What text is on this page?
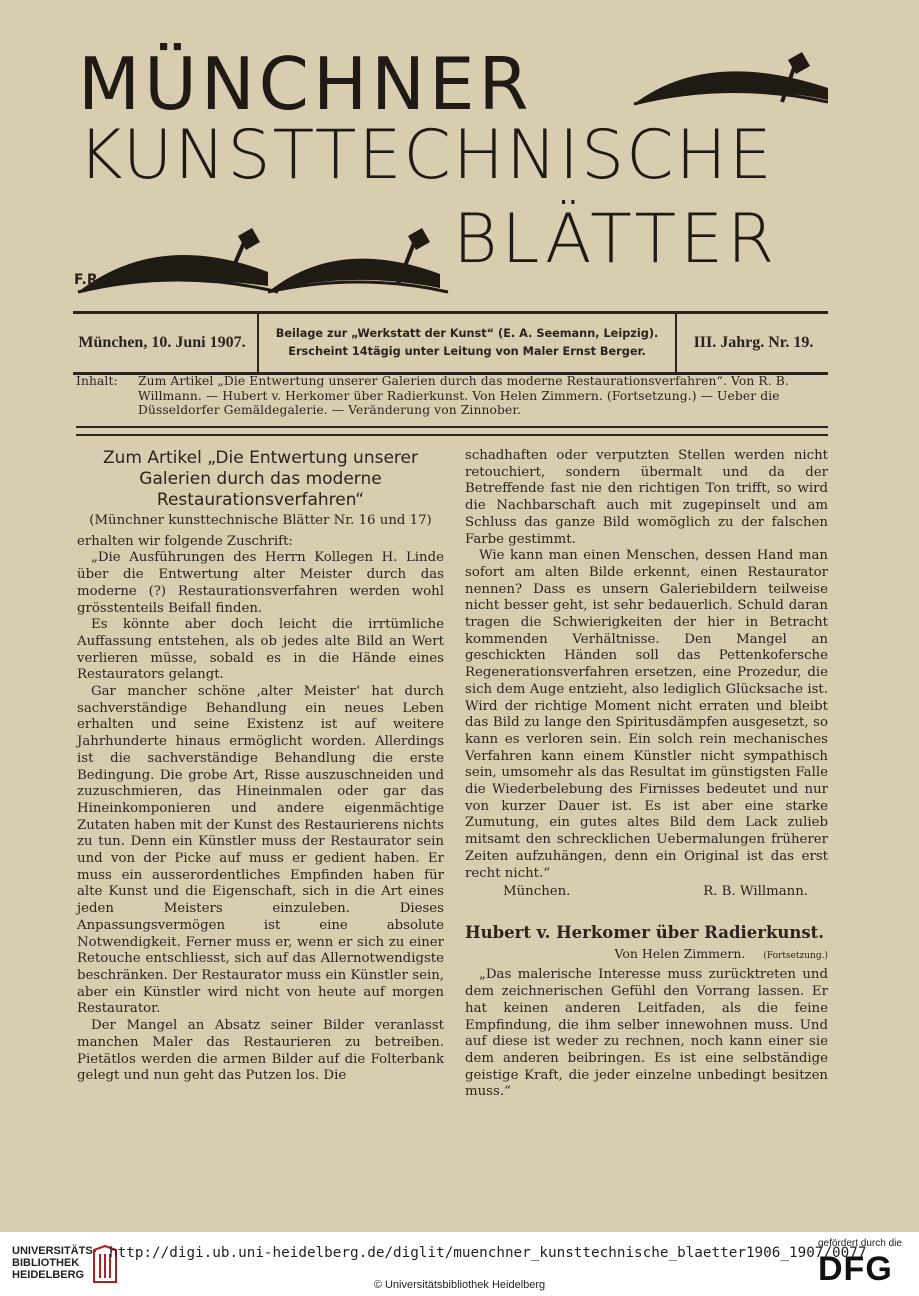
MÜNCHNER
KUNSTTECHNISCHE
BLÄTTER
F.R.
München, 10. Juni 1907.
Beilage zur „Werkstatt der Kunst“ (E. A. Seemann, Leipzig).
Erscheint 14tägig unter Leitung von Maler Ernst Berger.
III. Jahrg. Nr. 19.
Inhalt: Zum Artikel „Die Entwertung unserer Galerien durch das moderne Restaurationsverfahren“. Von R. B. Willmann. — Hubert v. Herkomer über Radierkunst. Von Helen Zimmern. (Fortsetzung.) — Ueber die Düsseldorfer Gemäldegalerie. — Veränderung von Zinnober.
Zum Artikel „Die Entwertung unserer Galerien durch das moderne Restaurationsverfahren“
(Münchner kunsttechnische Blätter Nr. 16 und 17)

erhalten wir folgende Zuschrift:

„Die Ausführungen des Herrn Kollegen H. Linde über die Entwertung alter Meister durch das moderne (?) Restaurationsverfahren werden wohl grösstenteils Beifall finden.

Es könnte aber doch leicht die irrtümliche Auffassung entstehen, als ob jedes alte Bild an Wert verlieren müsse, sobald es in die Hände eines Restaurators gelangt.

Gar mancher schöne ‚alter Meister‘ hat durch sachverständige Behandlung ein neues Leben erhalten und seine Existenz ist auf weitere Jahrhunderte hinaus ermöglicht worden. Allerdings ist die sachverständige Behandlung die erste Bedingung. Die grobe Art, Risse auszuschneiden und zuzuschmieren, das Hineinmalen oder gar das Hineinkomponieren und andere eigenmächtige Zutaten haben mit der Kunst des Restaurierens nichts zu tun. Denn ein Künstler muss der Restaurator sein und von der Picke auf muss er gedient haben. Er muss ein ausserordentliches Empfinden haben für alte Kunst und die Eigenschaft, sich in die Art eines jeden Meisters einzuleben. Dieses Anpassungsvermögen ist eine absolute Notwendigkeit. Ferner muss er, wenn er sich zu einer Retouche entschliesst, sich auf das Allernotwendigste beschränken. Der Restaurator muss ein Künstler sein, aber ein Künstler wird nicht von heute auf morgen Restaurator.

Der Mangel an Absatz seiner Bilder veranlasst manchen Maler das Restaurieren zu betreiben. Pietätlos werden die armen Bilder auf die Folterbank gelegt und nun geht das Putzen los. Die

schadhaften oder verputzten Stellen werden nicht retouchiert, sondern übermalt und da der Betreffende fast nie den richtigen Ton trifft, so wird die Nachbarschaft auch mit zugepinselt und am Schluss das ganze Bild womöglich zu der falschen Farbe gestimmt.

Wie kann man einen Menschen, dessen Hand man sofort am alten Bilde erkennt, einen Restaurator nennen? Dass es unsern Galeriebildern teilweise nicht besser geht, ist sehr bedauerlich. Schuld daran tragen die Schwierigkeiten der hier in Betracht kommenden Verhältnisse. Den Mangel an geschickten Händen soll das Pettenkofersche Regenerationsverfahren ersetzen, eine Prozedur, die sich dem Auge entzieht, also lediglich Glücksache ist. Wird der richtige Moment nicht erraten und bleibt das Bild zu lange den Spiritusdämpfen ausgesetzt, so kann es verloren sein. Ein solch rein mechanisches Verfahren kann einem Künstler nicht sympathisch sein, umsomehr als das Resultat im günstigsten Falle die Wiederbelebung des Firnisses bedeutet und nur von kurzer Dauer ist. Es ist aber eine starke Zumutung, ein gutes altes Bild dem Lack zulieb mitsamt den schrecklichen Uebermalungen früherer Zeiten aufzuhängen, denn ein Original ist das erst recht nicht.“

München.	R. B. Willmann.
Hubert v. Herkomer über Radierkunst.
Von Helen Zimmern. (Fortsetzung.)

„Das malerische Interesse muss zurücktreten und dem zeichnerischen Gefühl den Vorrang lassen. Er hat keinen anderen Leitfaden, als die feine Empfindung, die ihm selber innewohnen muss. Und auf diese ist weder zu rechnen, noch kann einer sie dem anderen beibringen. Es ist eine selbständige geistige Kraft, die jeder einzelne unbedingt besitzen muss.“

UNIVERSITÄTS-
BIBLIOTHEK
HEIDELBERG
http://digi.ub.uni-heidelberg.de/diglit/muenchner_kunsttechnische_blaetter1906_1907/0077
gefördert durch die
DFG
© Universitätsbibliothek Heidelberg
